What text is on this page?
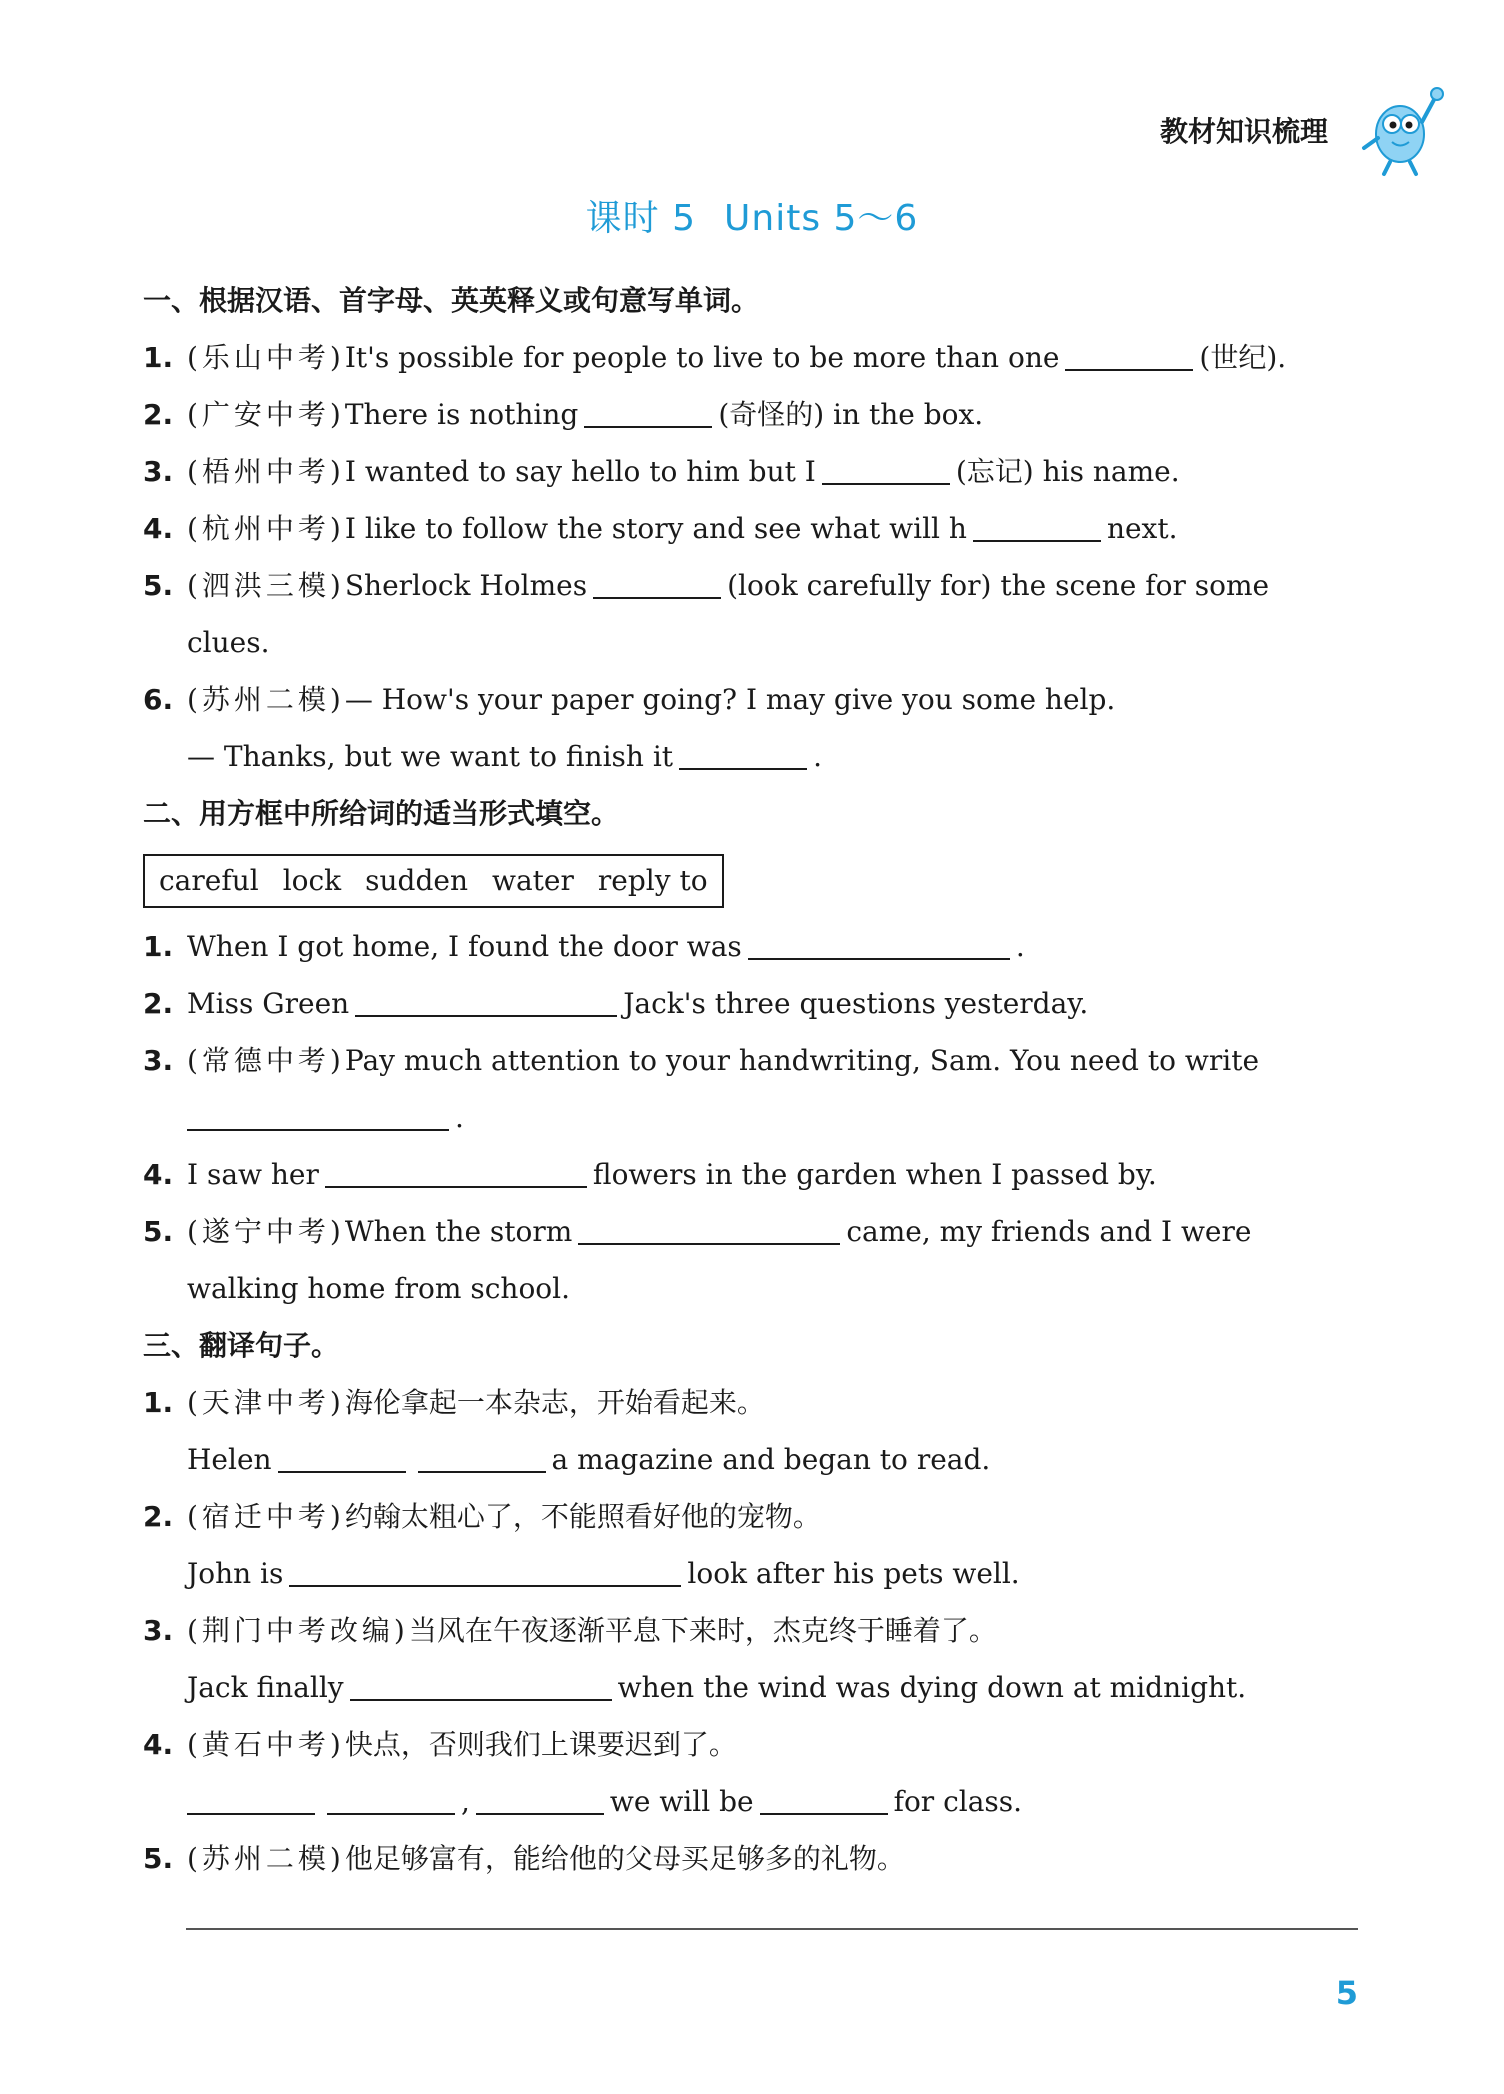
教材知识梳理
课时 5 Units 5～6
一、根据汉语、首字母、英英释义或句意写单词。
1. (乐山中考)It's possible for people to live to be more than one	(世纪).
2. (广安中考)There is nothing	(奇怪的) in the box.
3. (梧州中考)I wanted to say hello to him but I	(忘记) his name.
4. (杭州中考)I like to follow the story and see what will h	next.
5. (泗洪三模)Sherlock Holmes	(look carefully for) the scene for some
clues.
6. (苏州二模)— How's your paper going? I may give you some help.
— Thanks, but we want to finish it	.
二、用方框中所给词的适当形式填空。
careful lock sudden water reply to
1. When I got home, I found the door was	.
2. Miss Green	Jack's three questions yesterday.
3. (常德中考)Pay much attention to your handwriting, Sam. You need to write
.
4. I saw her	flowers in the garden when I passed by.
5. (遂宁中考)When the storm	came, my friends and I were
walking home from school.
三、翻译句子。
1. (天津中考)海伦拿起一本杂志，开始看起来。
Helen	a magazine and began to read.
2. (宿迁中考)约翰太粗心了，不能照看好他的宠物。
John is	look after his pets well.
3. (荆门中考改编)当风在午夜逐渐平息下来时，杰克终于睡着了。
Jack finally	when the wind was dying down at midnight.
4. (黄石中考)快点，否则我们上课要迟到了。
,	we will be	for class.
5. (苏州二模)他足够富有，能给他的父母买足够多的礼物。
5
